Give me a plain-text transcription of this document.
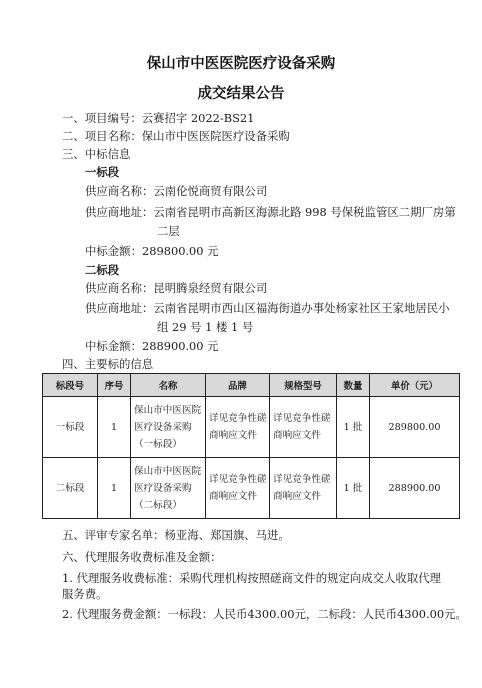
保山市中医医院医疗设备采购
成交结果公告
一、项目编号：云赛招字 2022-BS21
二、项目名称：保山市中医医院医疗设备采购
三、中标信息
一标段
供应商名称：云南伦悦商贸有限公司
供应商地址：云南省昆明市高新区海源北路 998 号保税监管区二期厂房第
二层
中标金额：289800.00 元
二标段
供应商名称：昆明腾泉经贸有限公司
供应商地址：云南省昆明市西山区福海街道办事处杨家社区王家地居民小
组 29 号 1 楼 1 号
中标金额：288900.00 元
四、主要标的信息
标段号	序号	名称	品牌	规格型号	数量	单价（元）
一标段	1	保山市中医医院医疗设备采购（一标段）	详见竞争性磋商响应文件	详见竞争性磋商响应文件	1 批	289800.00
二标段	1	保山市中医医院医疗设备采购（二标段）	详见竞争性磋商响应文件	详见竞争性磋商响应文件	1 批	288900.00
五、评审专家名单：杨亚海、郑国旗、马进。
六、代理服务收费标准及金额：
1. 代理服务收费标准：采购代理机构按照磋商文件的规定向成交人收取代理
服务费。
2. 代理服务费金额：一标段：人民币4300.00元，二标段：人民币4300.00元。
